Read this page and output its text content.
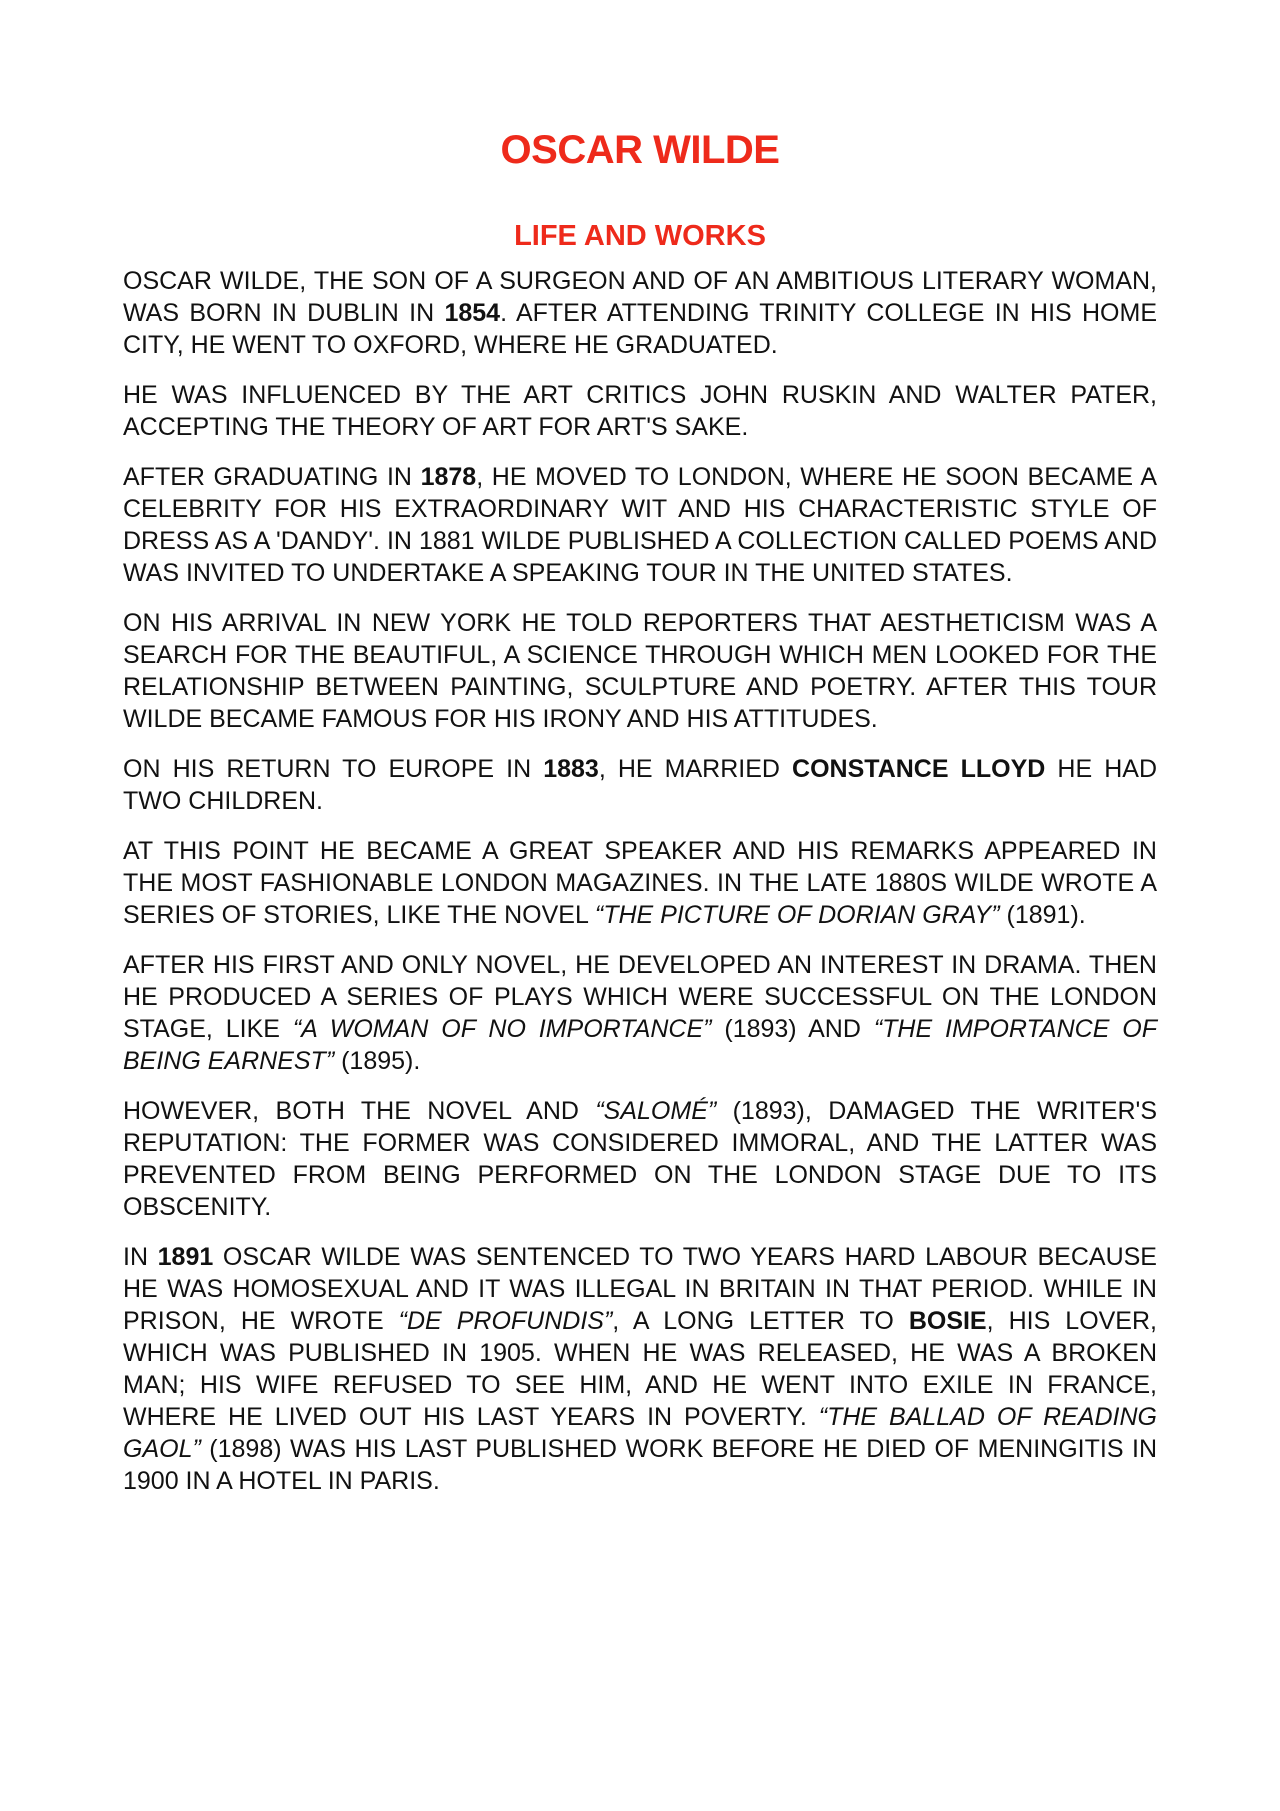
OSCAR WILDE
LIFE AND WORKS

OSCAR WILDE, THE SON OF A SURGEON AND OF AN AMBITIOUS LITERARY WOMAN, WAS BORN IN DUBLIN IN 1854. AFTER ATTENDING TRINITY COLLEGE IN HIS HOME CITY, HE WENT TO OXFORD, WHERE HE GRADUATED.

HE WAS INFLUENCED BY THE ART CRITICS JOHN RUSKIN AND WALTER PATER, ACCEPTING THE THEORY OF ART FOR ART'S SAKE.

AFTER GRADUATING IN 1878, HE MOVED TO LONDON, WHERE HE SOON BECAME A CELEBRITY FOR HIS EXTRAORDINARY WIT AND HIS CHARACTERISTIC STYLE OF DRESS AS A 'DANDY'. IN 1881 WILDE PUBLISHED A COLLECTION CALLED POEMS AND WAS INVITED TO UNDERTAKE A SPEAKING TOUR IN THE UNITED STATES.

ON HIS ARRIVAL IN NEW YORK HE TOLD REPORTERS THAT AESTHETICISM WAS A SEARCH FOR THE BEAUTIFUL, A SCIENCE THROUGH WHICH MEN LOOKED FOR THE RELATIONSHIP BETWEEN PAINTING, SCULPTURE AND POETRY. AFTER THIS TOUR WILDE BECAME FAMOUS FOR HIS IRONY AND HIS ATTITUDES.

ON HIS RETURN TO EUROPE IN 1883, HE MARRIED CONSTANCE LLOYD HE HAD TWO CHILDREN.

AT THIS POINT HE BECAME A GREAT SPEAKER AND HIS REMARKS APPEARED IN THE MOST FASHIONABLE LONDON MAGAZINES. IN THE LATE 1880S WILDE WROTE A SERIES OF STORIES, LIKE THE NOVEL “THE PICTURE OF DORIAN GRAY” (1891).

AFTER HIS FIRST AND ONLY NOVEL, HE DEVELOPED AN INTEREST IN DRAMA. THEN HE PRODUCED A SERIES OF PLAYS WHICH WERE SUCCESSFUL ON THE LONDON STAGE, LIKE “A WOMAN OF NO IMPORTANCE” (1893) AND “THE IMPORTANCE OF BEING EARNEST” (1895).

HOWEVER, BOTH THE NOVEL AND “SALOMÉ” (1893), DAMAGED THE WRITER'S REPUTATION: THE FORMER WAS CONSIDERED IMMORAL, AND THE LATTER WAS PREVENTED FROM BEING PERFORMED ON THE LONDON STAGE DUE TO ITS OBSCENITY.

IN 1891 OSCAR WILDE WAS SENTENCED TO TWO YEARS HARD LABOUR BECAUSE HE WAS HOMOSEXUAL AND IT WAS ILLEGAL IN BRITAIN IN THAT PERIOD. WHILE IN PRISON, HE WROTE “DE PROFUNDIS”, A LONG LETTER TO BOSIE, HIS LOVER, WHICH WAS PUBLISHED IN 1905. WHEN HE WAS RELEASED, HE WAS A BROKEN MAN; HIS WIFE REFUSED TO SEE HIM, AND HE WENT INTO EXILE IN FRANCE, WHERE HE LIVED OUT HIS LAST YEARS IN POVERTY. “THE BALLAD OF READING GAOL” (1898) WAS HIS LAST PUBLISHED WORK BEFORE HE DIED OF MENINGITIS IN 1900 IN A HOTEL IN PARIS.
